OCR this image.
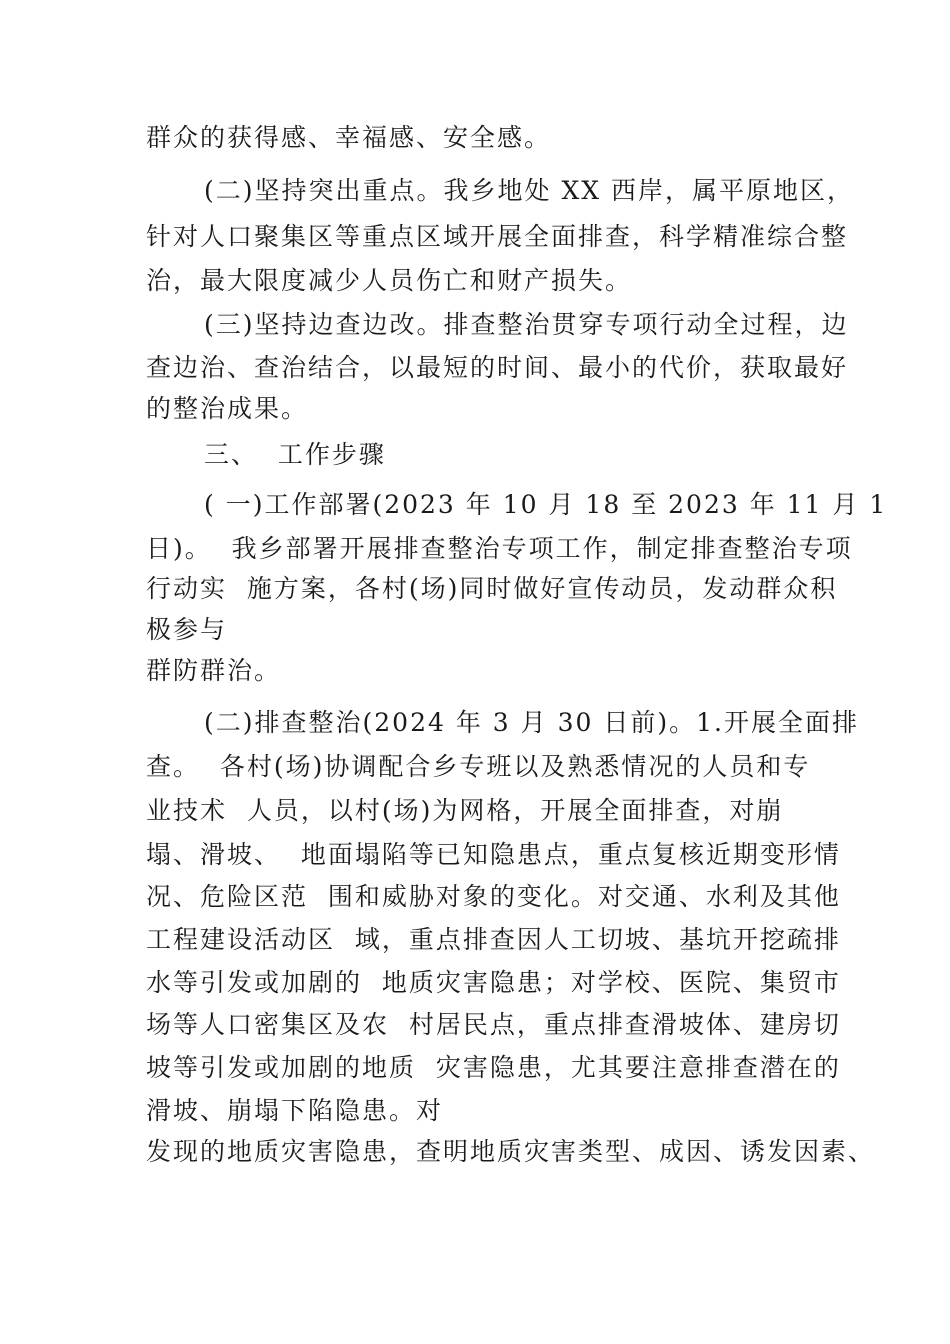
群众的获得感、幸福感、安全感。
(二)坚持突出重点。我乡地处 XX 西岸，属平原地区，
针对人口聚集区等重点区域开展全面排查，科学精准综合整
治，最大限度减少人员伤亡和财产损失。
(三)坚持边查边改。排查整治贯穿专项行动全过程，边
查边治、查治结合，以最短的时间、最小的代价，获取最好
的整治成果。
三、  工作步骤
( 一)工作部署(2023 年 10 月 18 至 2023 年 11 月 1
日)。  我乡部署开展排查整治专项工作，制定排查整治专项
行动实  施方案，各村(场)同时做好宣传动员，发动群众积
极参与
群防群治。
(二)排查整治(2024 年 3 月 30 日前)。1.开展全面排
查。  各村(场)协调配合乡专班以及熟悉情况的人员和专
业技术  人员，以村(场)为网格，开展全面排查，对崩
塌、滑坡、  地面塌陷等已知隐患点，重点复核近期变形情
况、危险区范  围和威胁对象的变化。对交通、水利及其他
工程建设活动区  域，重点排查因人工切坡、基坑开挖疏排
水等引发或加剧的  地质灾害隐患；对学校、医院、集贸市
场等人口密集区及农  村居民点，重点排查滑坡体、建房切
坡等引发或加剧的地质  灾害隐患，尤其要注意排查潜在的
滑坡、崩塌下陷隐患。对
发现的地质灾害隐患，查明地质灾害类型、成因、诱发因素、
